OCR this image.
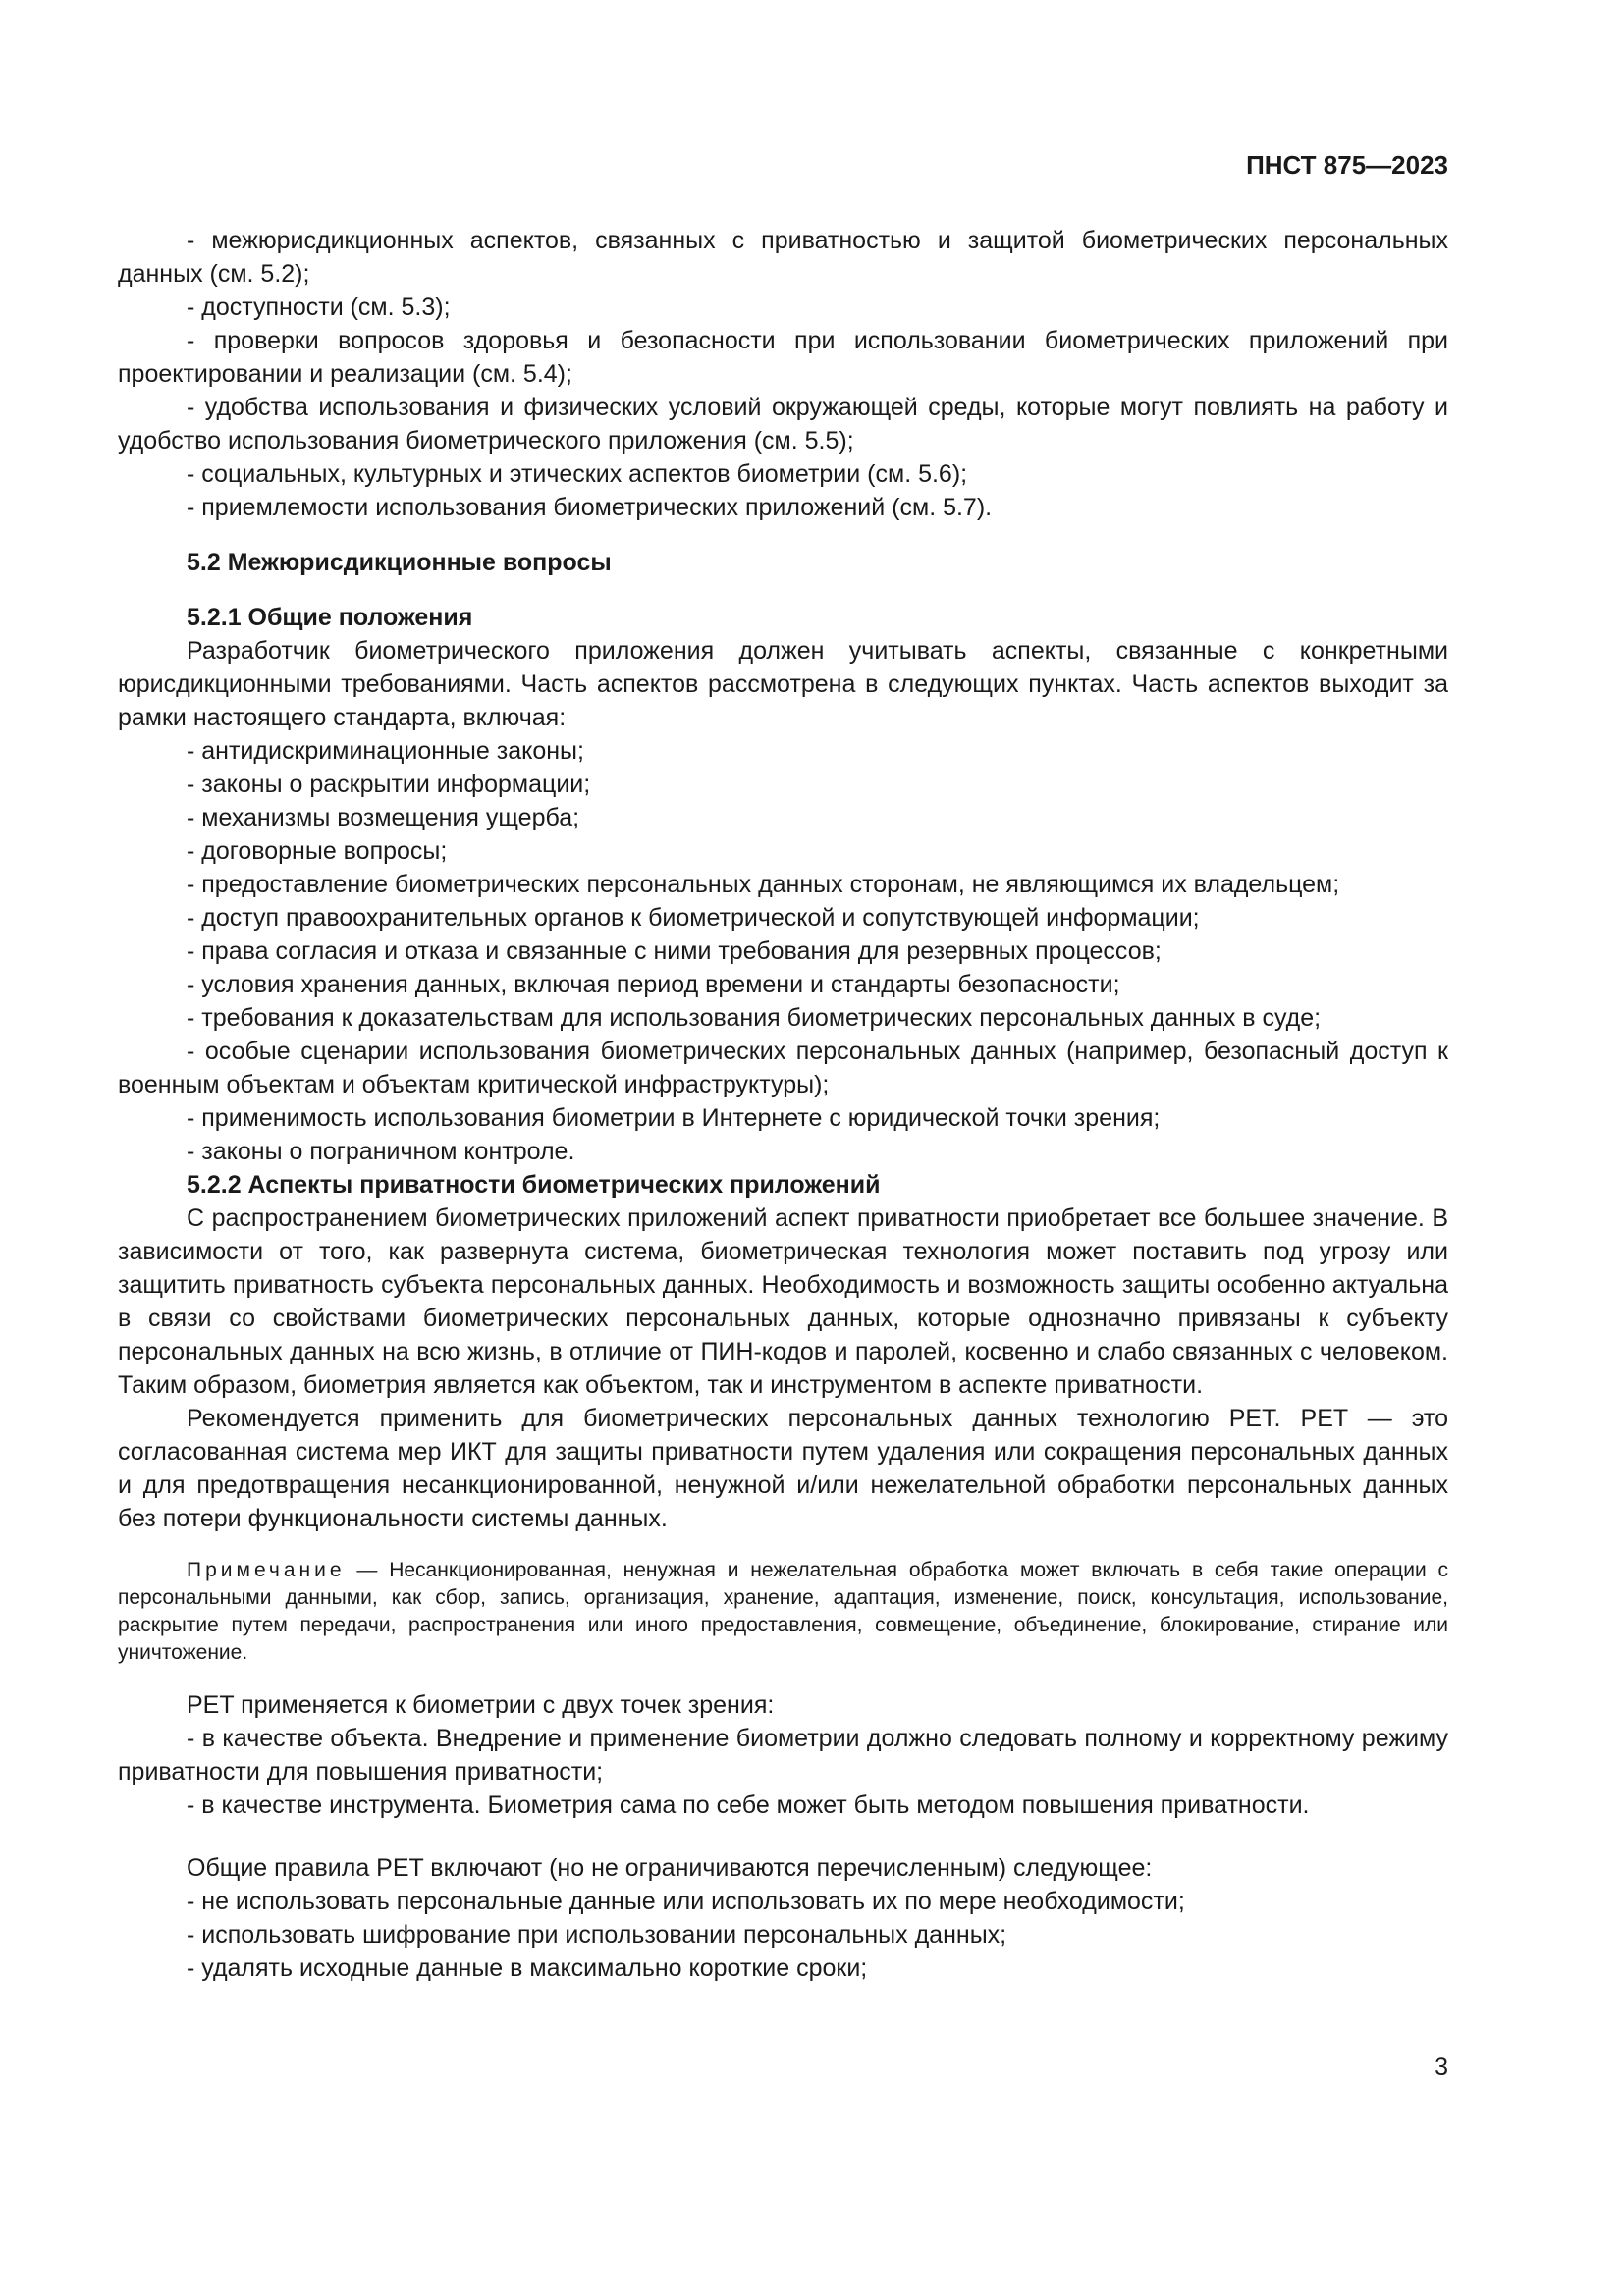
ПНСТ 875—2023

- межюрисдикционных аспектов, связанных с приватностью и защитой биометрических персональных данных (см. 5.2);

- доступности (см. 5.3);

- проверки вопросов здоровья и безопасности при использовании биометрических приложений при проектировании и реализации (см. 5.4);

- удобства использования и физических условий окружающей среды, которые могут повлиять на работу и удобство использования биометрического приложения (см. 5.5);

- социальных, культурных и этических аспектов биометрии (см. 5.6);

- приемлемости использования биометрических приложений (см. 5.7).

5.2 Межюрисдикционные вопросы

5.2.1 Общие положения

Разработчик биометрического приложения должен учитывать аспекты, связанные с конкретными юрисдикционными требованиями. Часть аспектов рассмотрена в следующих пунктах. Часть аспектов выходит за рамки настоящего стандарта, включая:

- антидискриминационные законы;

- законы о раскрытии информации;

- механизмы возмещения ущерба;

- договорные вопросы;

- предоставление биометрических персональных данных сторонам, не являющимся их владельцем;

- доступ правоохранительных органов к биометрической и сопутствующей информации;

- права согласия и отказа и связанные с ними требования для резервных процессов;

- условия хранения данных, включая период времени и стандарты безопасности;

- требования к доказательствам для использования биометрических персональных данных в суде;

- особые сценарии использования биометрических персональных данных (например, безопасный доступ к военным объектам и объектам критической инфраструктуры);

- применимость использования биометрии в Интернете с юридической точки зрения;

- законы о пограничном контроле.

5.2.2 Аспекты приватности биометрических приложений

С распространением биометрических приложений аспект приватности приобретает все большее значение. В зависимости от того, как развернута система, биометрическая технология может поставить под угрозу или защитить приватность субъекта персональных данных. Необходимость и возможность защиты особенно актуальна в связи со свойствами биометрических персональных данных, которые однозначно привязаны к субъекту персональных данных на всю жизнь, в отличие от ПИН-кодов и паролей, косвенно и слабо связанных с человеком. Таким образом, биометрия является как объектом, так и инструментом в аспекте приватности.

Рекомендуется применить для биометрических персональных данных технологию PET. PET — это согласованная система мер ИКТ для защиты приватности путем удаления или сокращения персональных данных и для предотвращения несанкционированной, ненужной и/или нежелательной обработки персональных данных без потери функциональности системы данных.

Примечание — Несанкционированная, ненужная и нежелательная обработка может включать в себя такие операции с персональными данными, как сбор, запись, организация, хранение, адаптация, изменение, поиск, консультация, использование, раскрытие путем передачи, распространения или иного предоставления, совмещение, объединение, блокирование, стирание или уничтожение.

PET применяется к биометрии с двух точек зрения:

- в качестве объекта. Внедрение и применение биометрии должно следовать полному и корректному режиму приватности для повышения приватности;

- в качестве инструмента. Биометрия сама по себе может быть методом повышения приватности.

Общие правила PET включают (но не ограничиваются перечисленным) следующее:

- не использовать персональные данные или использовать их по мере необходимости;

- использовать шифрование при использовании персональных данных;

- удалять исходные данные в максимально короткие сроки;

3
